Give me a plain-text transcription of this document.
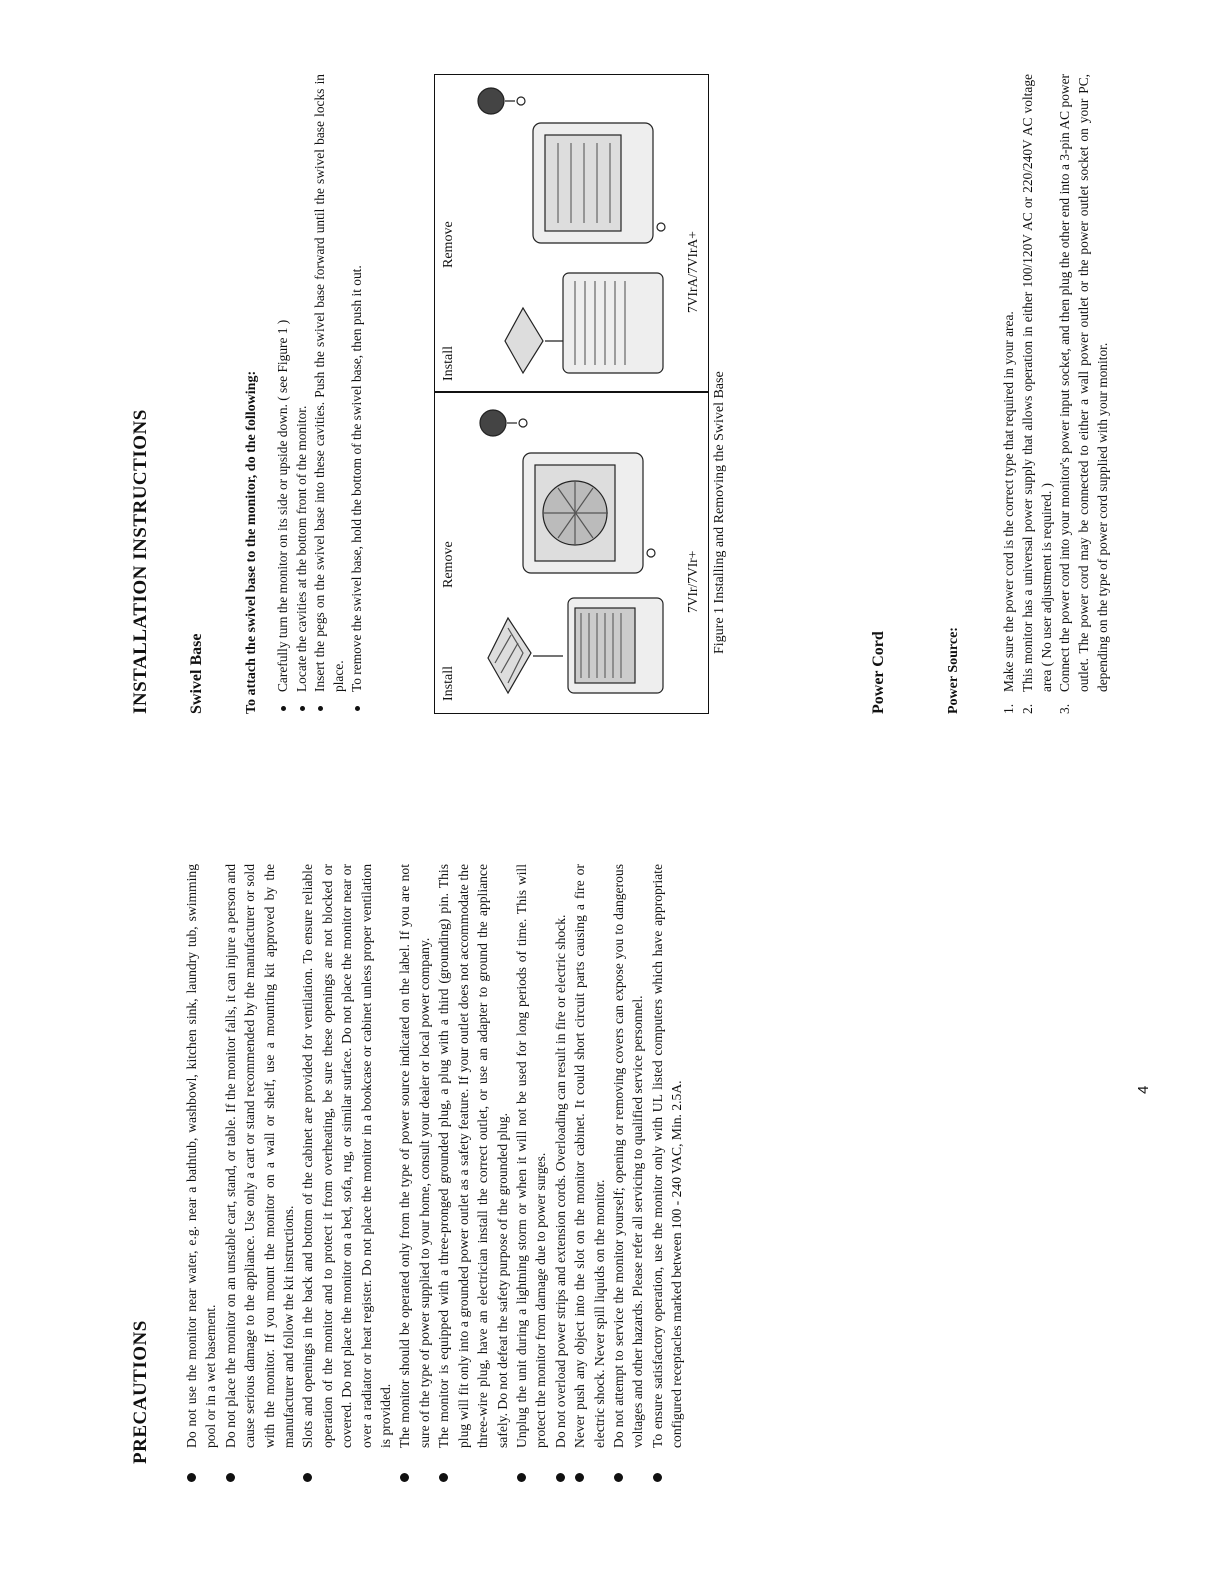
PRECAUTIONS Do not use the monitor near water, e.g. near a bathtub, washbowl, kitchen sink, laundry tub, swimming pool or in a wet basement. Do not place the monitor on an unstable cart, stand, or table. If the monitor falls, it can injure a person and cause serious damage to the appliance. Use only a cart or stand recommended by the manufacturer or sold with the monitor. If you mount the monitor on a wall or shelf, use a mounting kit approved by the manufacturer and follow the kit instructions. Slots and openings in the back and bottom of the cabinet are provided for ventilation. To ensure reliable operation of the monitor and to protect it from overheating, be sure these openings are not blocked or covered. Do not place the monitor on a bed, sofa, rug, or similar surface. Do not place the monitor near or over a radiator or heat register. Do not place the monitor in a bookcase or cabinet unless proper ventilation is provided. The monitor should be operated only from the type of power source indicated on the label. If you are not sure of the type of power supplied to your home, consult your dealer or local power company. The monitor is equipped with a three-pronged grounded plug, a plug with a third (grounding) pin. This plug will fit only into a grounded power outlet as a safety feature. If your outlet does not accommodate the three-wire plug, have an electrician install the correct outlet, or use an adapter to ground the appliance safely. Do not defeat the safety purpose of the grounded plug. Unplug the unit during a lightning storm or when it will not be used for long periods of time. This will protect the monitor from damage due to power surges. Do not overload power strips and extension cords. Overloading can result in fire or electric shock. Never push any object into the slot on the monitor cabinet. It could short circuit parts causing a fire or electric shock. Never spill liquids on the monitor. Do not attempt to service the monitor yourself; opening or removing covers can expose you to dangerous voltages and other hazards. Please refer all servicing to qualified service personnel. To ensure satisfactory operation, use the monitor only with UL listed computers which have appropriate configured receptacles marked between 100 - 240 VAC, Min. 2.5A.	4
INSTALLATION INSTRUCTIONS Swivel Base	To attach the swivel base to the monitor, do the following: Carefully turn the monitor on its side or upside down. ( see Figure 1 ) Locate the cavities at the bottom front of the monitor. Insert the pegs on the swivel base into these cavities. Push the swivel base forward until the swivel base locks in place. To remove the swivel base, hold the bottom of the swivel base, then push it out.	Install
Remove
Install
Remove
7VIr/7VIr+
7VIrA/7VIrA+
Figure 1 Installing and Removing the Swivel Base
Power Cord	Power Source:	1.
Make sure the power cord is the correct type that required in your area.
2.
This monitor has a universal power supply that allows operation in either 100/120V AC or 220/240V AC voltage area ( No user adjustment is required. )
3.
Connect the power cord into your monitor's power input socket, and then plug the other end into a 3-pin AC power outlet. The power cord may be connected to either a wall power outlet or the power outlet socket on your PC, depending on the type of power cord supplied with your monitor.
